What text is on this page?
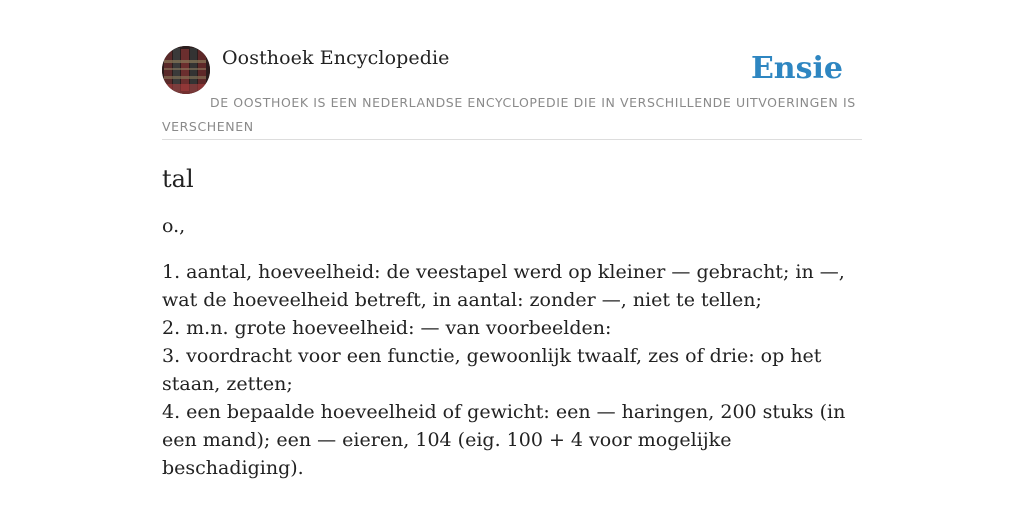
Oosthoek Encyclopedie	Ensie
DE OOSTHOEK IS EEN NEDERLANDSE ENCYCLOPEDIE DIE IN VERSCHILLENDE UITVOERINGEN IS VERSCHENEN
tal

o.,

1. aantal, hoeveelheid: de veestapel werd op kleiner — gebracht; in —, wat de hoeveelheid betreft, in aantal: zonder —, niet te tellen;
2. m.n. grote hoeveelheid: — van voorbeelden:
3. voordracht voor een functie, gewoonlijk twaalf, zes of drie: op het staan, zetten;
4. een bepaalde hoeveelheid of gewicht: een — haringen, 200 stuks (in een mand); een — eieren, 104 (eig. 100 + 4 voor mogelijke beschadiging).
